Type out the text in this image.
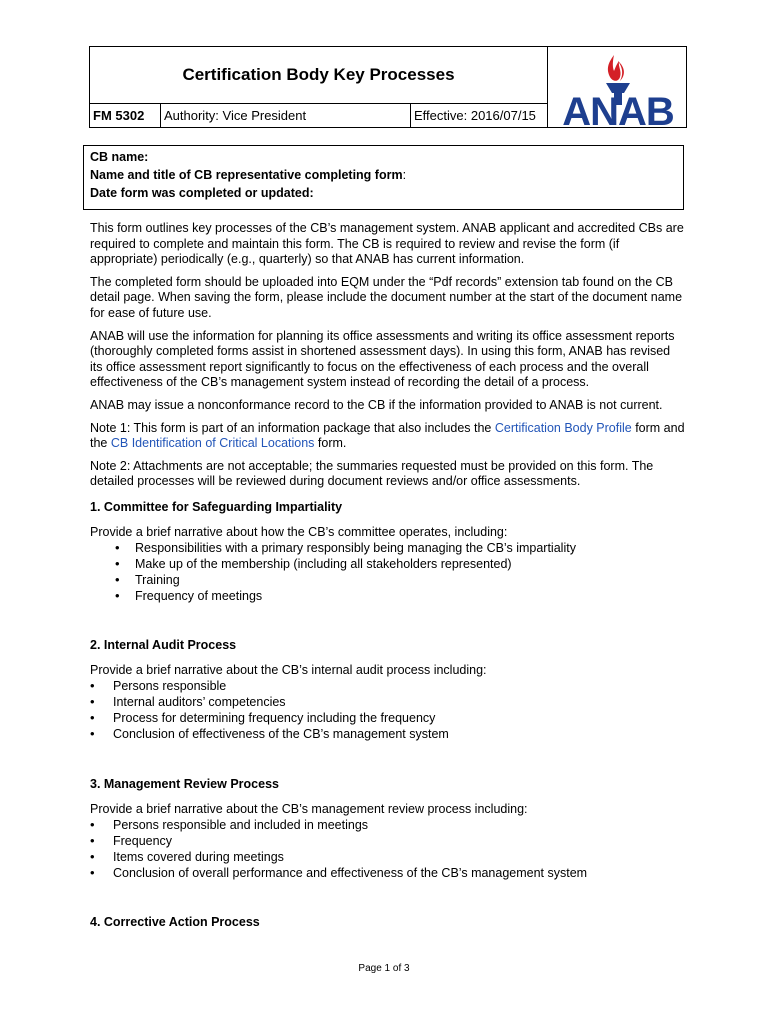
Certification Body Key Processes
FM 5302	Authority: Vice President	Effective: 2016/07/15 ANAB
CB name:
Name and title of CB representative completing form:
Date form was completed or updated:

This form outlines key processes of the CB’s management system. ANAB applicant and accredited CBs are required to complete and maintain this form. The CB is required to review and revise the form (if appropriate) periodically (e.g., quarterly) so that ANAB has current information.

The completed form should be uploaded into EQM under the “Pdf records” extension tab found on the CB detail page. When saving the form, please include the document number at the start of the document name for ease of future use.

ANAB will use the information for planning its office assessments and writing its office assessment reports (thoroughly completed forms assist in shortened assessment days). In using this form, ANAB has revised its office assessment report significantly to focus on the effectiveness of each process and the overall effectiveness of the CB’s management system instead of recording the detail of a process.

ANAB may issue a nonconformance record to the CB if the information provided to ANAB is not current.

Note 1: This form is part of an information package that also includes the Certification Body Profile form and the CB Identification of Critical Locations form.

Note 2: Attachments are not acceptable; the summaries requested must be provided on this form. The detailed processes will be reviewed during document reviews and/or office assessments.

1. Committee for Safeguarding Impartiality

Provide a brief narrative about how the CB’s committee operates, including:

• Responsibilities with a primary responsibly being managing the CB’s impartiality
• Make up of the membership (including all stakeholders represented)
• Training
• Frequency of meetings
2. Internal Audit Process

Provide a brief narrative about the CB’s internal audit process including:

• Persons responsible
• Internal auditors’ competencies
• Process for determining frequency including the frequency
• Conclusion of effectiveness of the CB’s management system
3. Management Review Process

Provide a brief narrative about the CB’s management review process including:

• Persons responsible and included in meetings
• Frequency
• Items covered during meetings
• Conclusion of overall performance and effectiveness of the CB’s management system
4. Corrective Action Process
Page 1 of 3
